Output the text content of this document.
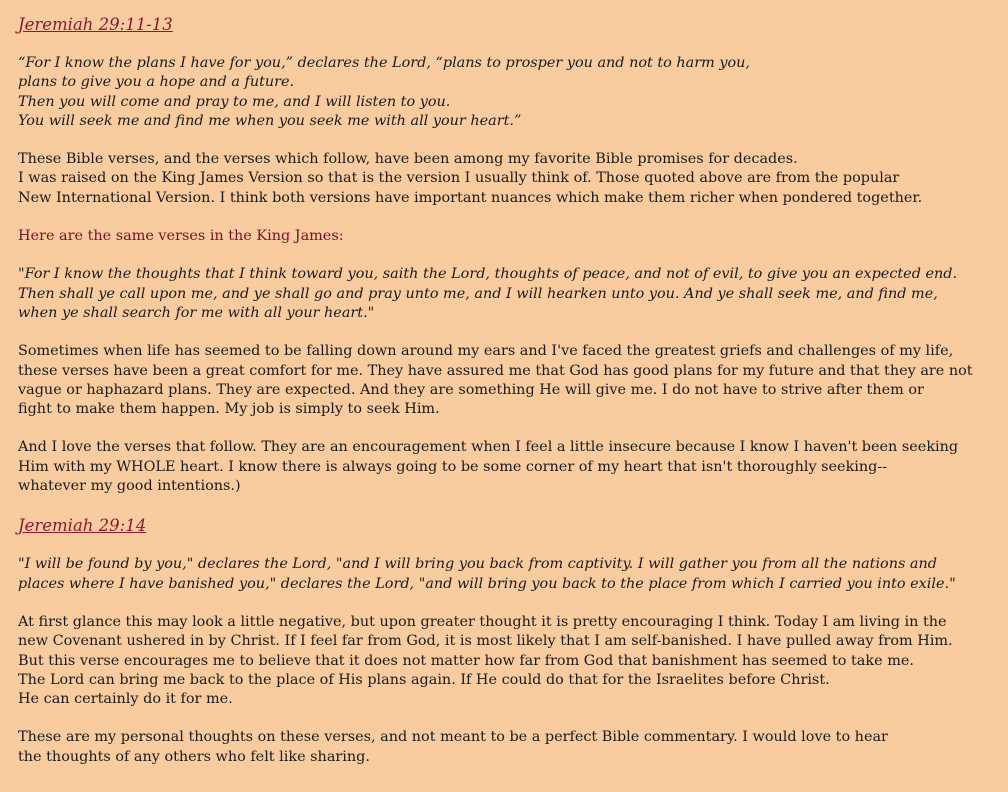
Jeremiah 29:11-13
“For I know the plans I have for you,” declares the Lord, “plans to prosper you and not to harm you,
plans to give you a hope and a future.
Then you will come and pray to me, and I will listen to you.
You will seek me and find me when you seek me with all your heart.”
These Bible verses, and the verses which follow, have been among my favorite Bible promises for decades.
I was raised on the King James Version so that is the version I usually think of. Those quoted above are from the popular
New International Version. I think both versions have important nuances which make them richer when pondered together.
Here are the same verses in the King James:
"For I know the thoughts that I think toward you, saith the Lord, thoughts of peace, and not of evil, to give you an expected end.
Then shall ye call upon me, and ye shall go and pray unto me, and I will hearken unto you. And ye shall seek me, and find me,
when ye shall search for me with all your heart."
Sometimes when life has seemed to be falling down around my ears and I've faced the greatest griefs and challenges of my life,
these verses have been a great comfort for me. They have assured me that God has good plans for my future and that they are not
vague or haphazard plans. They are expected. And they are something He will give me. I do not have to strive after them or
fight to make them happen. My job is simply to seek Him.
And I love the verses that follow. They are an encouragement when I feel a little insecure because I know I haven't been seeking
Him with my WHOLE heart. I know there is always going to be some corner of my heart that isn't thoroughly seeking--
whatever my good intentions.)
Jeremiah 29:14
"I will be found by you," declares the Lord, "and I will bring you back from captivity. I will gather you from all the nations and
places where I have banished you," declares the Lord, "and will bring you back to the place from which I carried you into exile."
At first glance this may look a little negative, but upon greater thought it is pretty encouraging I think. Today I am living in the
new Covenant ushered in by Christ. If I feel far from God, it is most likely that I am self-banished. I have pulled away from Him.
But this verse encourages me to believe that it does not matter how far from God that banishment has seemed to take me.
The Lord can bring me back to the place of His plans again. If He could do that for the Israelites before Christ.
He can certainly do it for me.
These are my personal thoughts on these verses, and not meant to be a perfect Bible commentary. I would love to hear
the thoughts of any others who felt like sharing.
